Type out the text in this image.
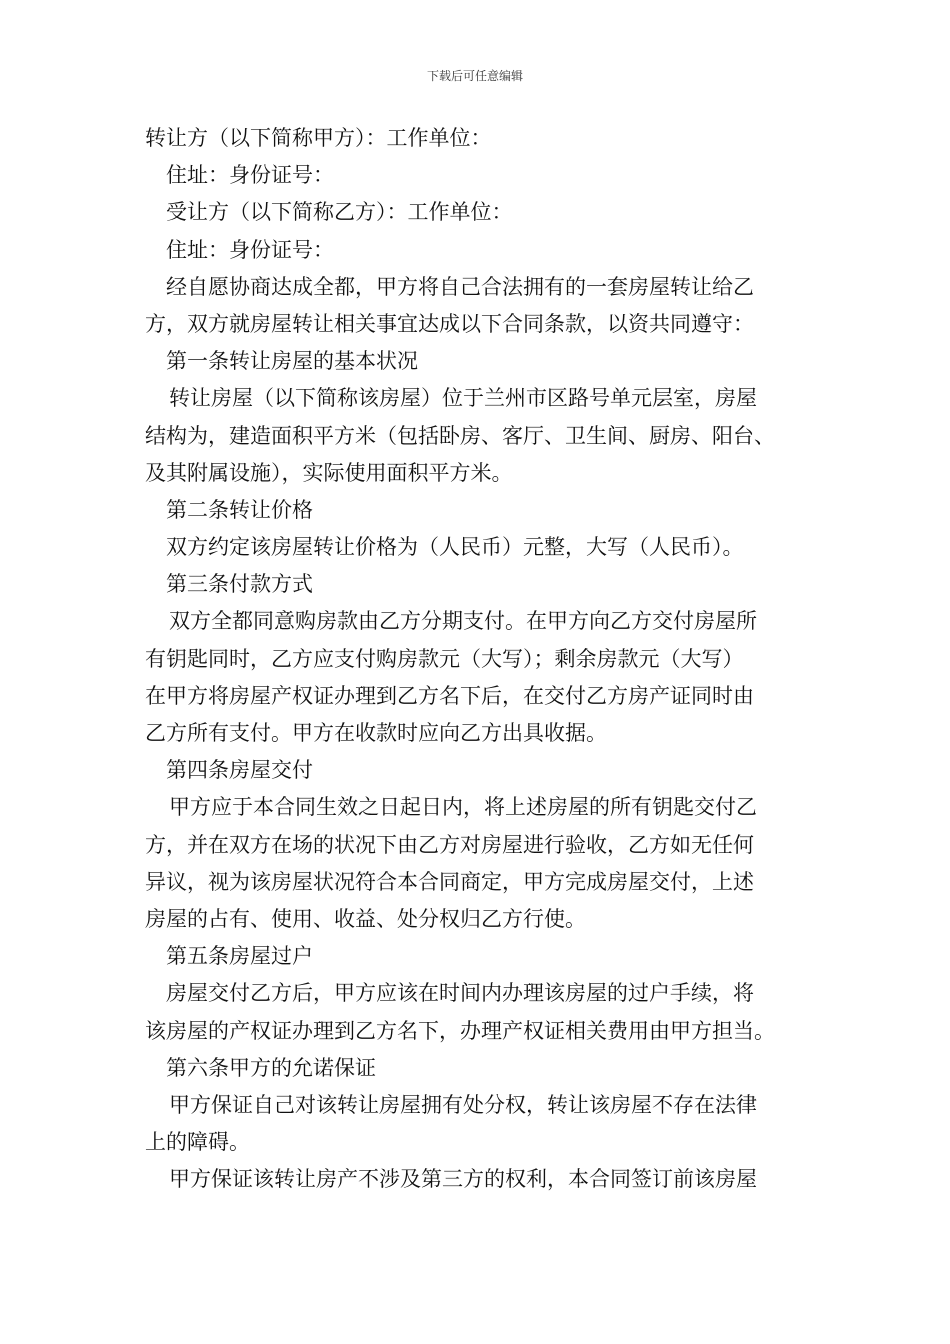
下载后可任意编辑
转让方（以下简称甲方）：工作单位：
住址：身份证号：
受让方（以下简称乙方）：工作单位：
住址：身份证号：
经自愿协商达成全都，甲方将自己合法拥有的一套房屋转让给乙
方，双方就房屋转让相关事宜达成以下合同条款，以资共同遵守：
第一条转让房屋的基本状况
转让房屋（以下简称该房屋）位于兰州市区路号单元层室，房屋
结构为，建造面积平方米（包括卧房、客厅、卫生间、厨房、阳台、
及其附属设施），实际使用面积平方米。
第二条转让价格
双方约定该房屋转让价格为（人民币）元整，大写（人民币）。
第三条付款方式
双方全都同意购房款由乙方分期支付。在甲方向乙方交付房屋所
有钥匙同时，乙方应支付购房款元（大写）；剩余房款元（大写）
在甲方将房屋产权证办理到乙方名下后，在交付乙方房产证同时由
乙方所有支付。甲方在收款时应向乙方出具收据。
第四条房屋交付
甲方应于本合同生效之日起日内，将上述房屋的所有钥匙交付乙
方，并在双方在场的状况下由乙方对房屋进行验收，乙方如无任何
异议，视为该房屋状况符合本合同商定，甲方完成房屋交付，上述
房屋的占有、使用、收益、处分权归乙方行使。
第五条房屋过户
房屋交付乙方后，甲方应该在时间内办理该房屋的过户手续，将
该房屋的产权证办理到乙方名下，办理产权证相关费用由甲方担当。
第六条甲方的允诺保证
甲方保证自己对该转让房屋拥有处分权，转让该房屋不存在法律
上的障碍。
甲方保证该转让房产不涉及第三方的权利，本合同签订前该房屋
